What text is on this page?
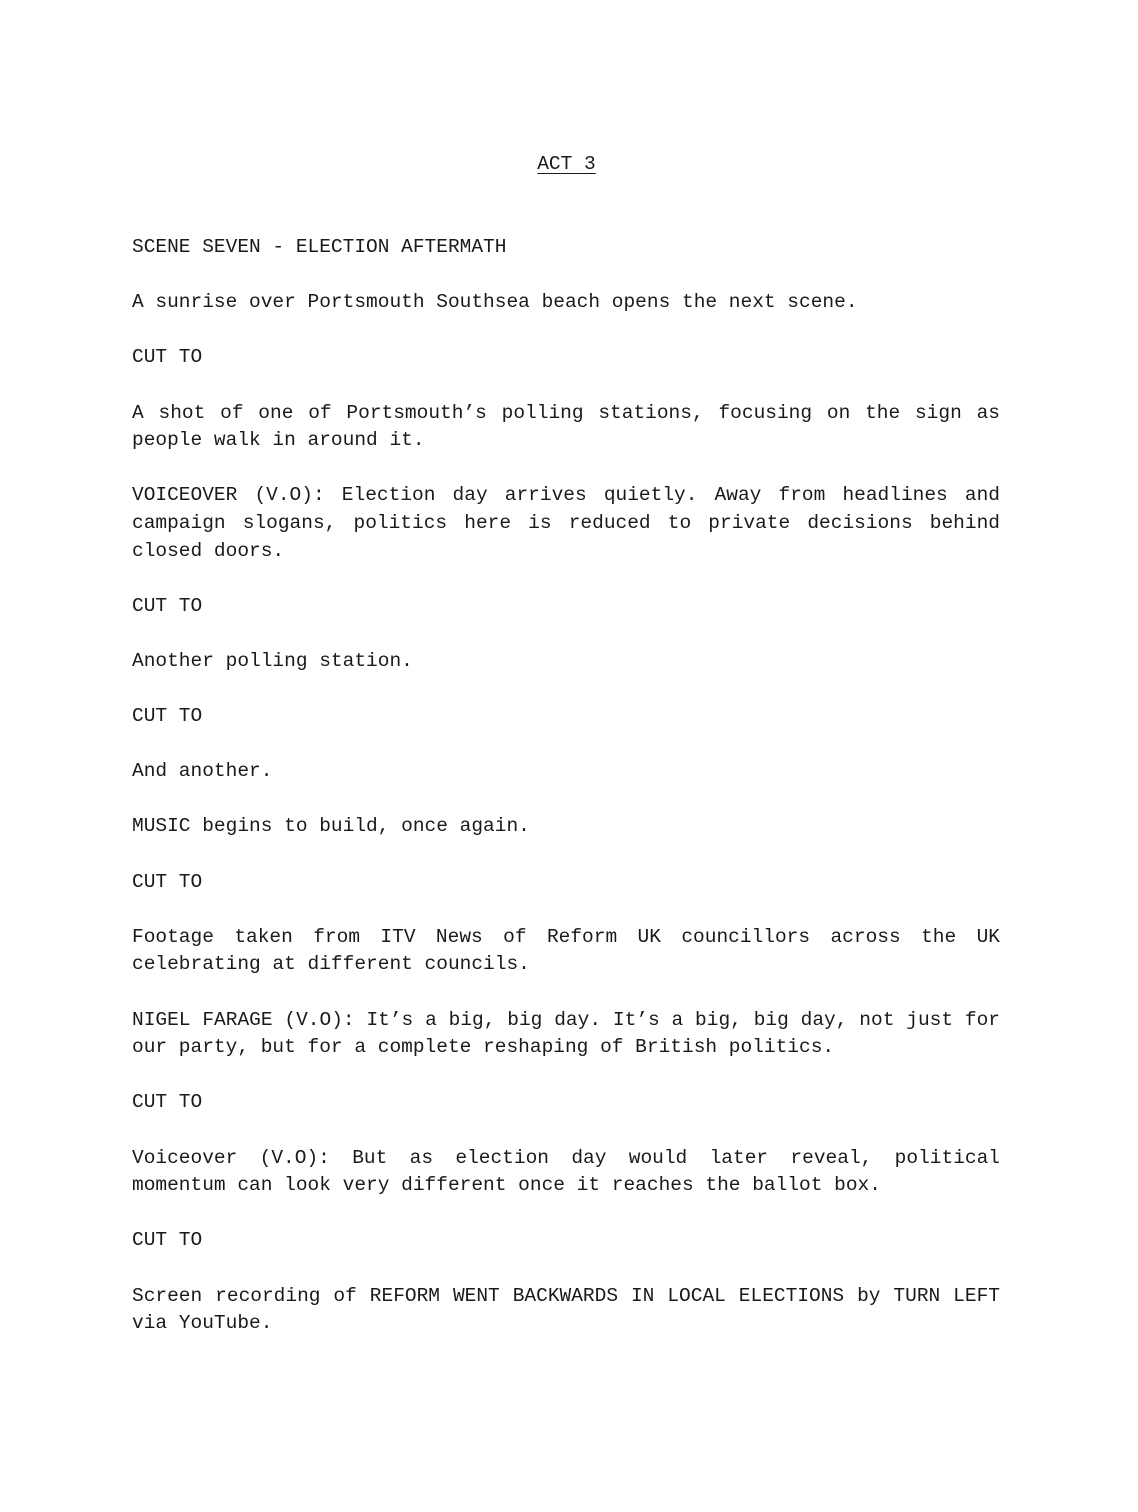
ACT 3

SCENE SEVEN - ELECTION AFTERMATH

A sunrise over Portsmouth Southsea beach opens the next scene.

CUT TO

A shot of one of Portsmouth’s polling stations, focusing on the sign as people walk in around it.

VOICEOVER (V.O): Election day arrives quietly. Away from headlines and campaign slogans, politics here is reduced to private decisions behind closed doors.

CUT TO

Another polling station.

CUT TO

And another.

MUSIC begins to build, once again.

CUT TO

Footage taken from ITV News of Reform UK councillors across the UK celebrating at different councils.

NIGEL FARAGE (V.O): It’s a big, big day. It’s a big, big day, not just for our party, but for a complete reshaping of British politics.

CUT TO

Voiceover (V.O): But as election day would later reveal, political momentum can look very different once it reaches the ballot box.

CUT TO

Screen recording of REFORM WENT BACKWARDS IN LOCAL ELECTIONS by TURN LEFT via YouTube.
